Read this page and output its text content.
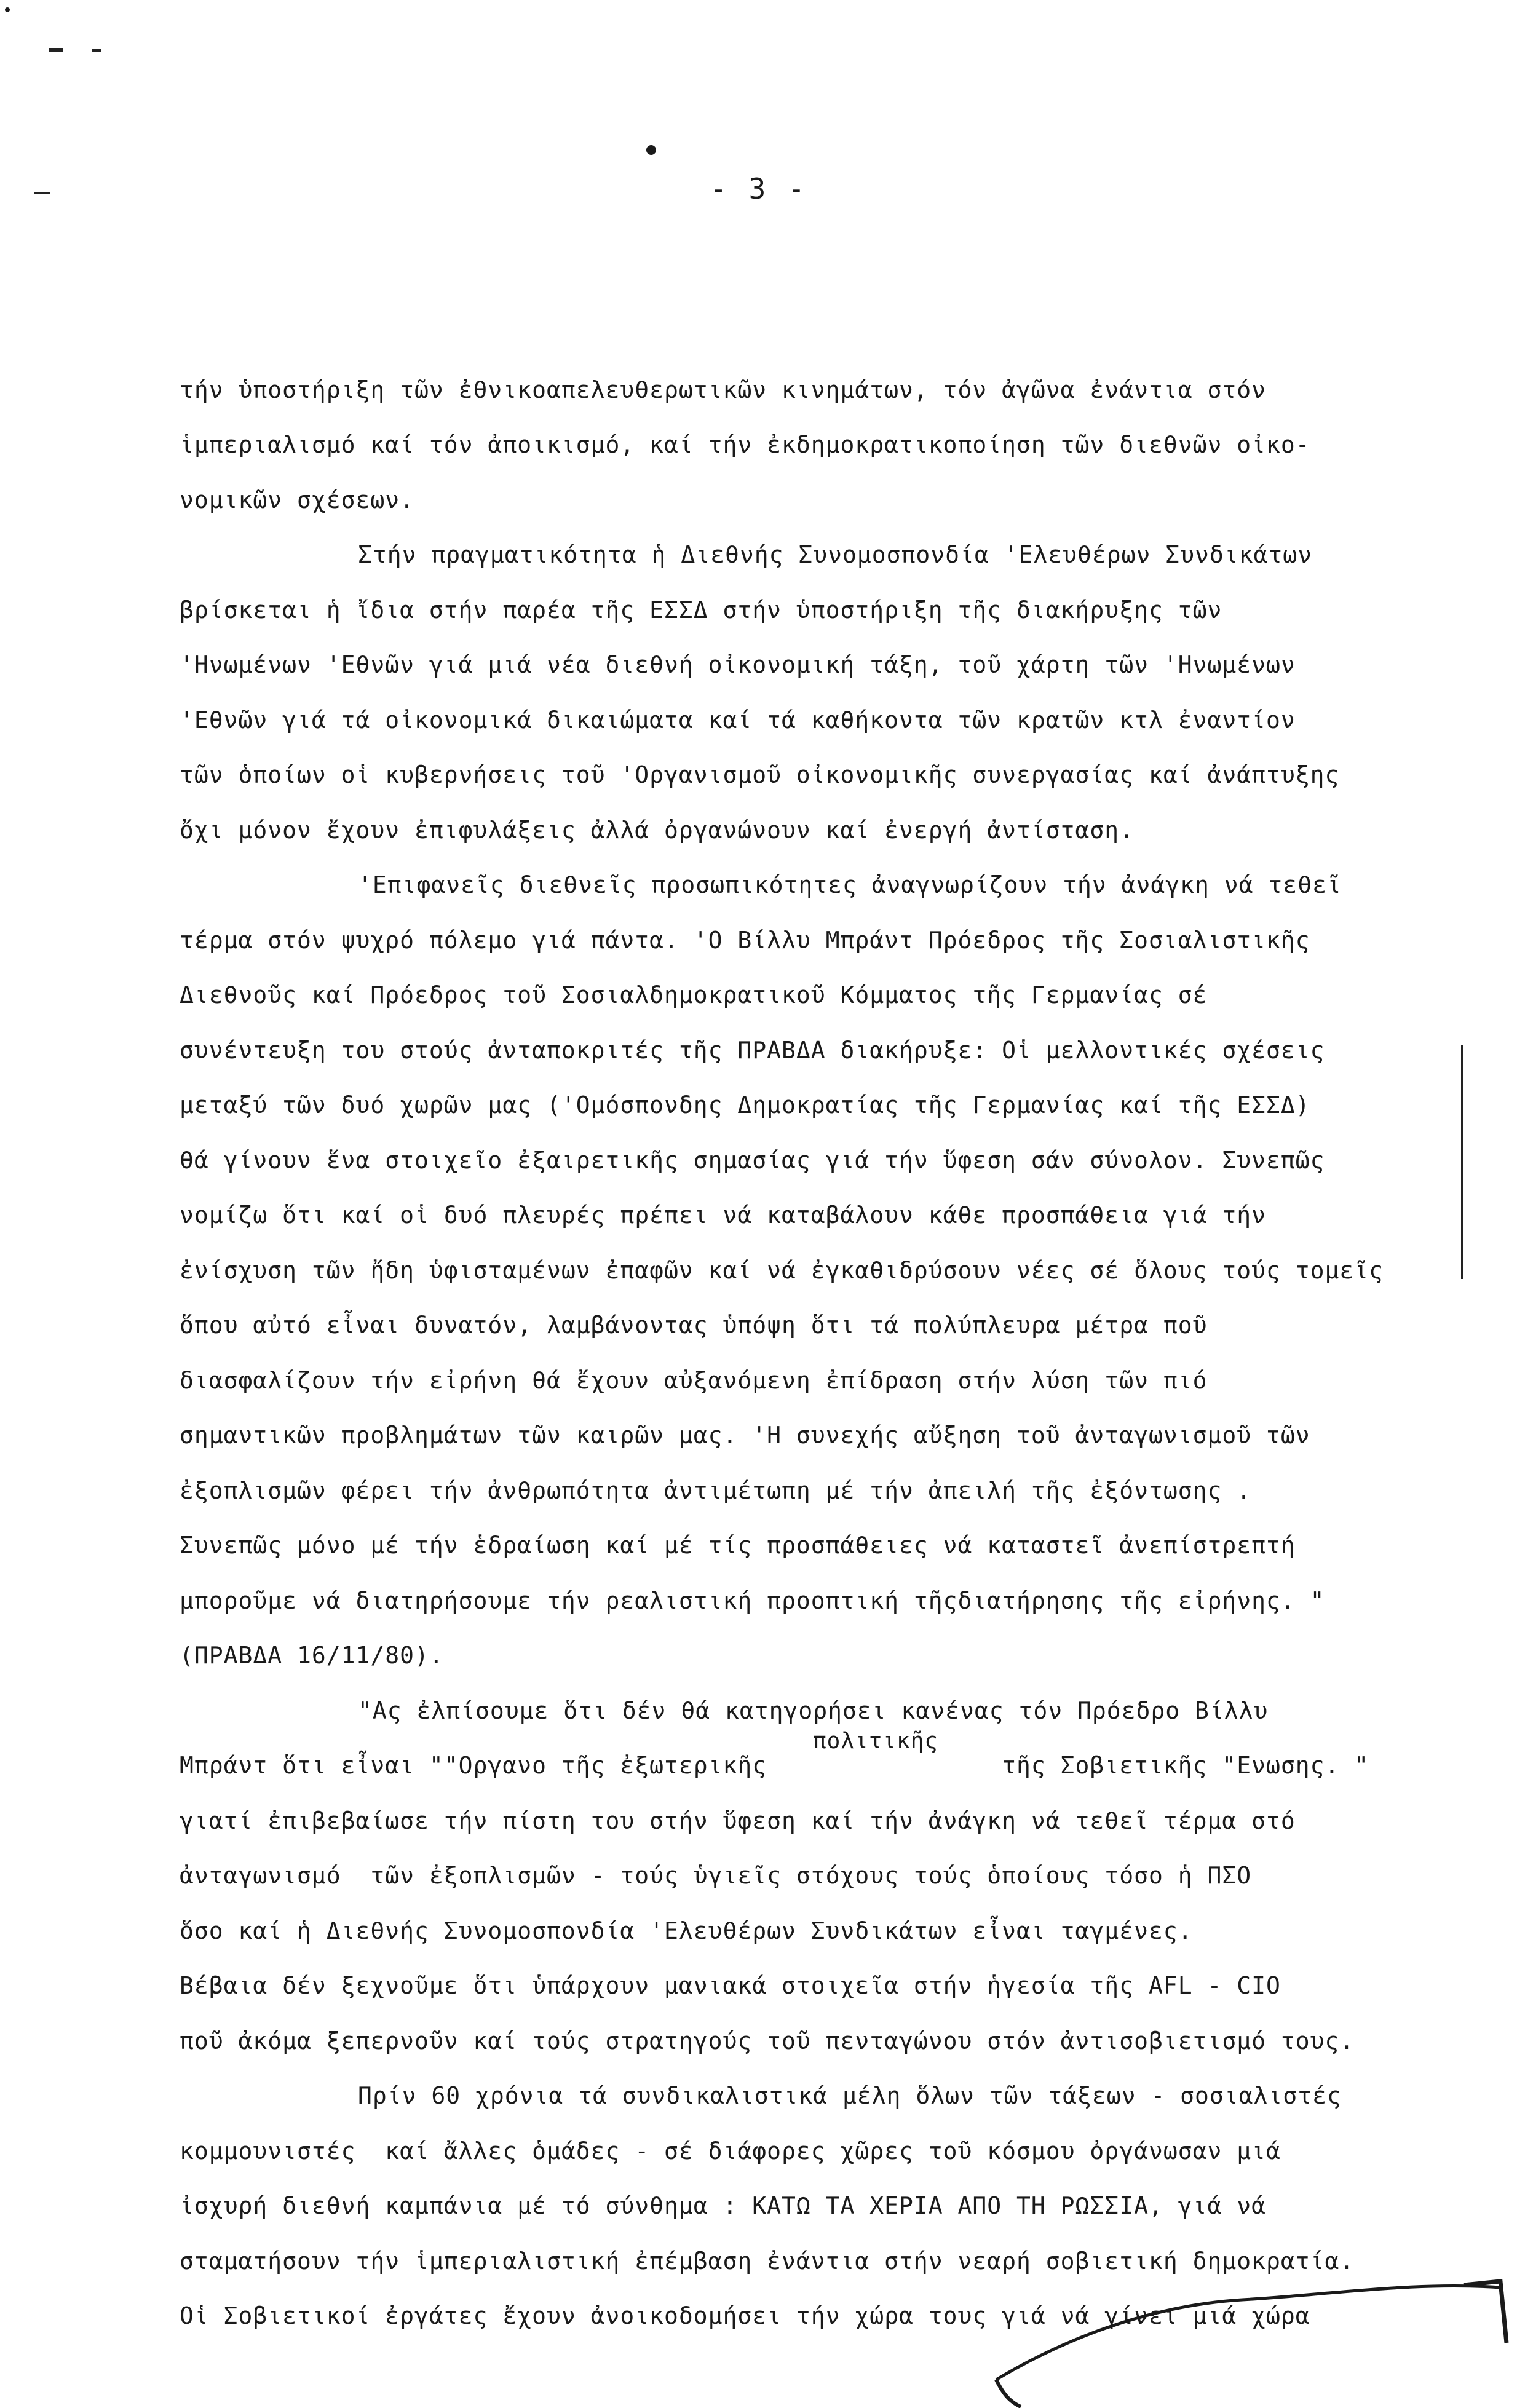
- 3 -

τήν ὑποστήριξη τῶν ἐθνικοαπελευθερωτικῶν κινημάτων, τόν ἀγῶνα ἐνάντια στόν
ἱμπεριαλισμό καί τόν ἀποικισμό, καί τήν ἐκδημοκρατικοποίηση τῶν διεθνῶν οἰκο-
νομικῶν σχέσεων.

Στήν πραγματικότητα ἡ Διεθνής Συνομοσπονδία 'Ελευθέρων Συνδικάτων
βρίσκεται ἡ ἴδια στήν παρέα τῆς ΕΣΣΔ στήν ὑποστήριξη τῆς διακήρυξης τῶν
'Ηνωμένων 'Εθνῶν γιά μιά νέα διεθνή οἰκονομική τάξη, τοῦ χάρτη τῶν 'Ηνωμένων
'Εθνῶν γιά τά οἰκονομικά δικαιώματα καί τά καθήκοντα τῶν κρατῶν κτλ ἐναντίον
τῶν ὁποίων οἱ κυβερνήσεις τοῦ 'Οργανισμοῦ οἰκονομικῆς συνεργασίας καί ἀνάπτυξης
ὄχι μόνον ἔχουν ἐπιφυλάξεις ἀλλά ὀργανώνουν καί ἐνεργή ἀντίσταση.

'Επιφανεῖς διεθνεῖς προσωπικότητες ἀναγνωρίζουν τήν ἀνάγκη νά τεθεῖ
τέρμα στόν ψυχρό πόλεμο γιά πάντα. 'Ο Βίλλυ Μπράντ Πρόεδρος τῆς Σοσιαλιστικῆς
Διεθνοῦς καί Πρόεδρος τοῦ Σοσιαλδημοκρατικοῦ Κόμματος τῆς Γερμανίας σέ
συνέντευξη του στούς ἀνταποκριτές τῆς ΠΡΑΒΔΑ διακήρυξε: Οἱ μελλοντικές σχέσεις
μεταξύ τῶν δυό χωρῶν μας ('Ομόσπονδης Δημοκρατίας τῆς Γερμανίας καί τῆς ΕΣΣΔ)
θά γίνουν ἕνα στοιχεῖο ἐξαιρετικῆς σημασίας γιά τήν ὕφεση σάν σύνολον. Συνεπῶς
νομίζω ὅτι καί οἱ δυό πλευρές πρέπει νά καταβάλουν κάθε προσπάθεια γιά τήν
ἐνίσχυση τῶν ἤδη ὑφισταμένων ἐπαφῶν καί νά ἐγκαθιδρύσουν νέες σέ ὅλους τούς τομεῖς
ὅπου αὐτό εἶναι δυνατόν, λαμβάνοντας ὑπόψη ὅτι τά πολύπλευρα μέτρα ποῦ
διασφαλίζουν τήν εἰρήνη θά ἔχουν αὐξανόμενη ἐπίδραση στήν λύση τῶν πιό
σημαντικῶν προβλημάτων τῶν καιρῶν μας. 'Η συνεχής αὔξηση τοῦ ἀνταγωνισμοῦ τῶν
ἐξοπλισμῶν φέρει τήν ἀνθρωπότητα ἀντιμέτωπη μέ τήν ἀπειλή τῆς ἐξόντωσης .
Συνεπῶς μόνο μέ τήν ἑδραίωση καί μέ τίς προσπάθειες νά καταστεῖ ἀνεπίστρεπτή
μποροῦμε νά διατηρήσουμε τήν ρεαλιστική προοπτική τῆςδιατήρησης τῆς εἰρήνης. "
(ΠΡΑΒΔΑ 16/11/80).

"Ας ἐλπίσουμε ὅτι δέν θά κατηγορήσει κανένας τόν Πρόεδρο Βίλλυ

πολιτικῆς
Μπράντ ὅτι εἶναι ""Οργανο τῆς ἐξωτερικῆς                τῆς Σοβιετικῆς "Ενωσης. "
γιατί ἐπιβεβαίωσε τήν πίστη του στήν ὕφεση καί τήν ἀνάγκη νά τεθεῖ τέρμα στό
ἀνταγωνισμό  τῶν ἐξοπλισμῶν - τούς ὑγιεῖς στόχους τούς ὁποίους τόσο ἡ ΠΣΟ
ὅσο καί ἡ Διεθνής Συνομοσπονδία 'Ελευθέρων Συνδικάτων εἶναι ταγμένες.
Βέβαια δέν ξεχνοῦμε ὅτι ὑπάρχουν μανιακά στοιχεῖα στήν ἡγεσία τῆς AFL - CIO
ποῦ ἀκόμα ξεπερνοῦν καί τούς στρατηγούς τοῦ πενταγώνου στόν ἀντισοβιετισμό τους.

Πρίν 60 χρόνια τά συνδικαλιστικά μέλη ὅλων τῶν τάξεων - σοσιαλιστές
κομμουνιστές  καί ἄλλες ὁμάδες - σέ διάφορες χῶρες τοῦ κόσμου ὀργάνωσαν μιά
ἰσχυρή διεθνή καμπάνια μέ τό σύνθημα : ΚΑΤΩ ΤΑ ΧΕΡΙΑ ΑΠΟ ΤΗ ΡΩΣΣΙΑ, γιά νά
σταματήσουν τήν ἱμπεριαλιστική ἐπέμβαση ἐνάντια στήν νεαρή σοβιετική δημοκρατία.
Οἱ Σοβιετικοί ἐργάτες ἔχουν ἀνοικοδομήσει τήν χώρα τους γιά νά γίνει μιά χώρα
